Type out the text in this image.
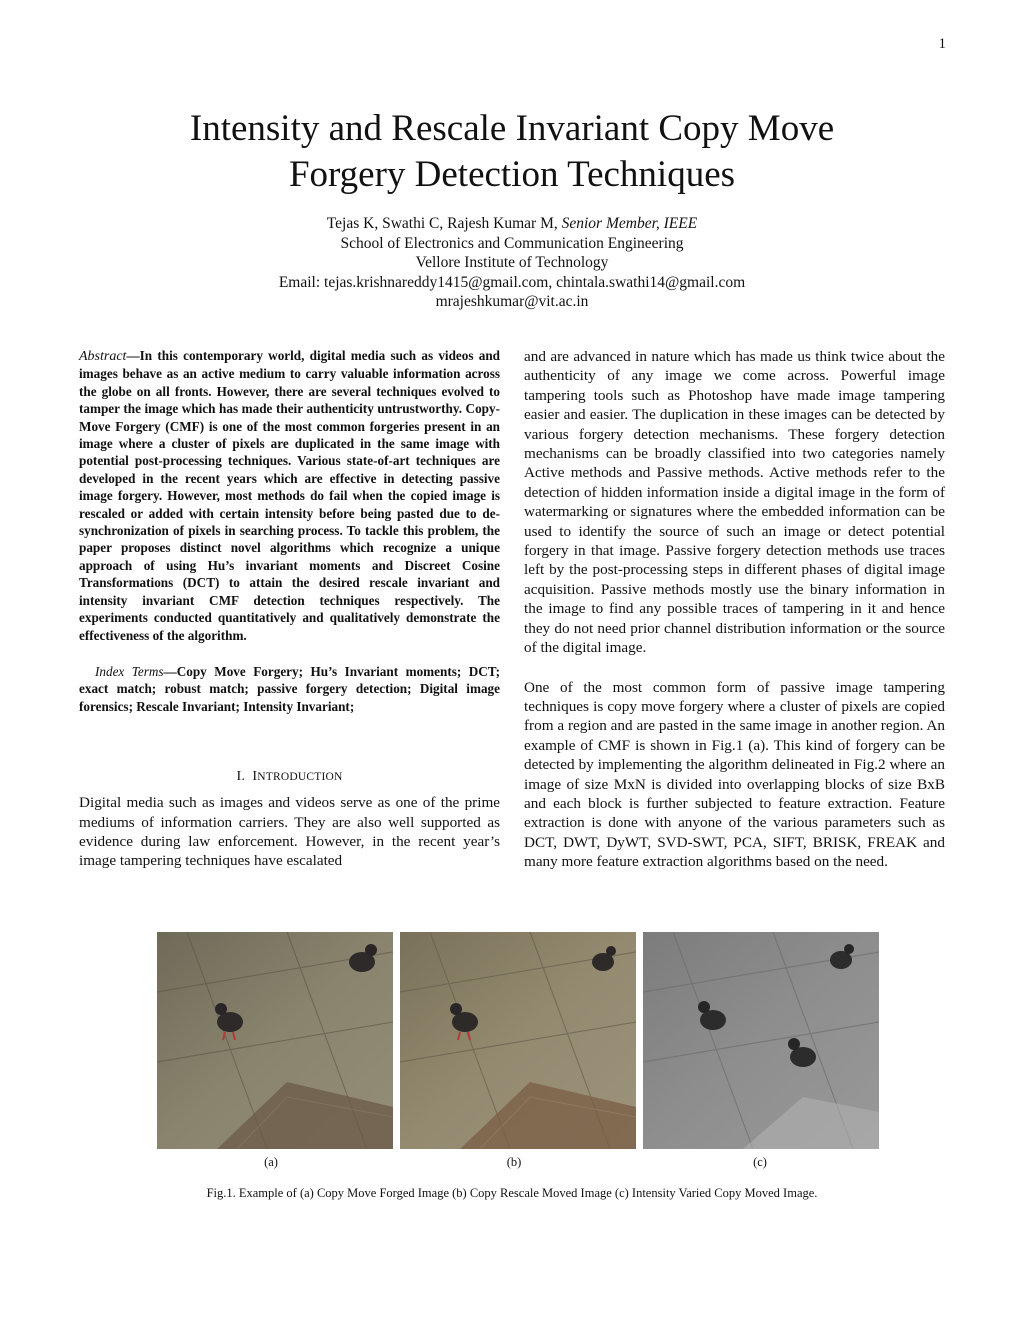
1
Intensity and Rescale Invariant Copy Move
Forgery Detection Techniques
Tejas K, Swathi C, Rajesh Kumar M, Senior Member, IEEE
School of Electronics and Communication Engineering
Vellore Institute of Technology
Email: tejas.krishnareddy1415@gmail.com, chintala.swathi14@gmail.com
mrajeshkumar@vit.ac.in

Abstract—In this contemporary world, digital media such as videos and images behave as an active medium to carry valuable information across the globe on all fronts. However, there are several techniques evolved to tamper the image which has made their authenticity untrustworthy. Copy-Move Forgery (CMF) is one of the most common forgeries present in an image where a cluster of pixels are duplicated in the same image with potential post-processing techniques. Various state-of-art techniques are developed in the recent years which are effective in detecting passive image forgery. However, most methods do fail when the copied image is rescaled or added with certain intensity before being pasted due to de-synchronization of pixels in searching process. To tackle this problem, the paper proposes distinct novel algorithms which recognize a unique approach of using Hu’s invariant moments and Discreet Cosine Transformations (DCT) to attain the desired rescale invariant and intensity invariant CMF detection techniques respectively. The experiments conducted quantitatively and qualitatively demonstrate the effectiveness of the algorithm.

Index Terms—Copy Move Forgery; Hu’s Invariant moments; DCT; exact match; robust match; passive forgery detection; Digital image forensics; Rescale Invariant; Intensity Invariant;

I. INTRODUCTION

Digital media such as images and videos serve as one of the prime mediums of information carriers. They are also well supported as evidence during law enforcement. However, in the recent year’s image tampering techniques have escalated

and are advanced in nature which has made us think twice about the authenticity of any image we come across. Powerful image tampering tools such as Photoshop have made image tampering easier and easier. The duplication in these images can be detected by various forgery detection mechanisms. These forgery detection mechanisms can be broadly classified into two categories namely Active methods and Passive methods. Active methods refer to the detection of hidden information inside a digital image in the form of watermarking or signatures where the embedded information can be used to identify the source of such an image or detect potential forgery in that image. Passive forgery detection methods use traces left by the post-processing steps in different phases of digital image acquisition. Passive methods mostly use the binary information in the image to find any possible traces of tampering in it and hence they do not need prior channel distribution information or the source of the digital image.

One of the most common form of passive image tampering techniques is copy move forgery where a cluster of pixels are copied from a region and are pasted in the same image in another region. An example of CMF is shown in Fig.1 (a). This kind of forgery can be detected by implementing the algorithm delineated in Fig.2 where an image of size MxN is divided into overlapping blocks of size BxB and each block is further subjected to feature extraction. Feature extraction is done with anyone of the various parameters such as DCT, DWT, DyWT, SVD-SWT, PCA, SIFT, BRISK, FREAK and many more feature extraction algorithms based on the need.

(a)	(b)	(c)
Fig.1. Example of (a) Copy Move Forged Image (b) Copy Rescale Moved Image (c) Intensity Varied Copy Moved Image.
